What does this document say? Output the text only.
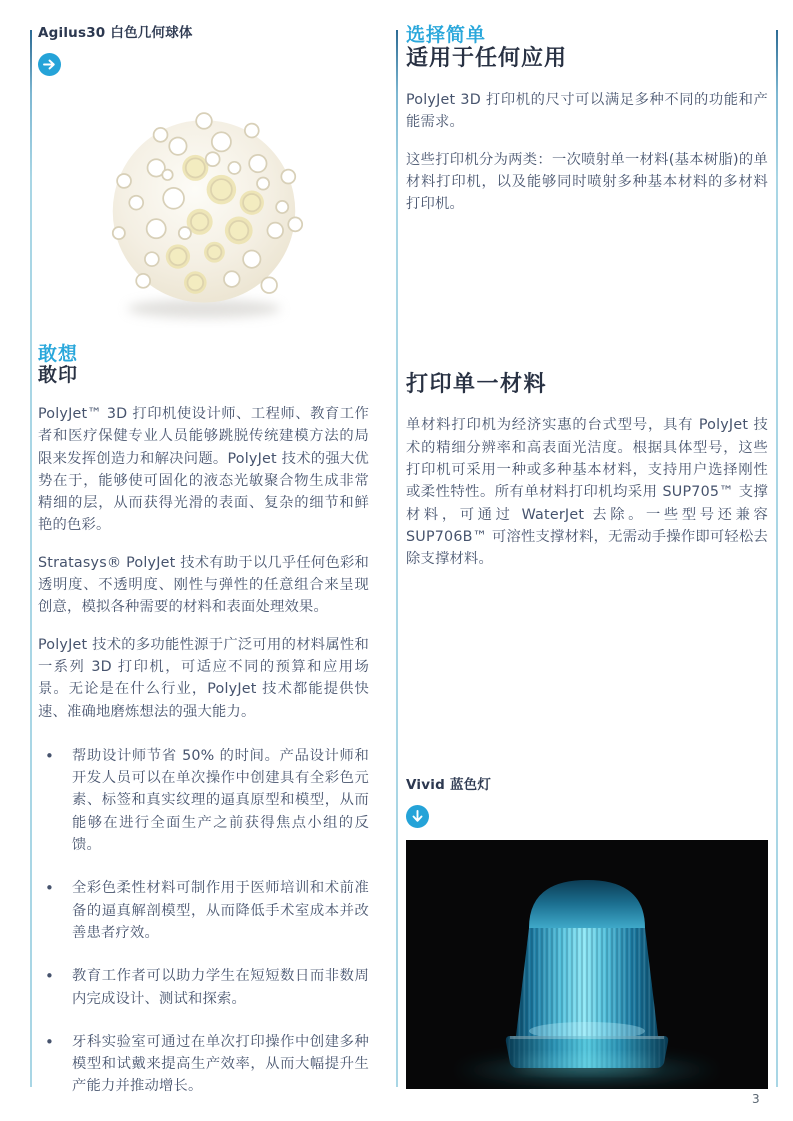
Agilus30 白色几何球体
敢想
敢印

PolyJet™ 3D 打印机使设计师、工程师、教育工作者和医疗保健专业人员能够跳脱传统建模方法的局限来发挥创造力和解决问题。PolyJet 技术的强大优势在于，能够使可固化的液态光敏聚合物生成非常精细的层，从而获得光滑的表面、复杂的细节和鲜艳的色彩。

Stratasys® PolyJet 技术有助于以几乎任何色彩和透明度、不透明度、刚性与弹性的任意组合来呈现创意，模拟各种需要的材料和表面处理效果。

PolyJet 技术的多功能性源于广泛可用的材料属性和一系列 3D 打印机，可适应不同的预算和应用场景。无论是在什么行业，PolyJet 技术都能提供快速、准确地磨炼想法的强大能力。

• 帮助设计师节省 50% 的时间。产品设计师和开发人员可以在单次操作中创建具有全彩色元素、标签和真实纹理的逼真原型和模型，从而能够在进行全面生产之前获得焦点小组的反馈。
• 全彩色柔性材料可制作用于医师培训和术前准备的逼真解剖模型，从而降低手术室成本并改善患者疗效。
• 教育工作者可以助力学生在短短数日而非数周内完成设计、测试和探索。
• 牙科实验室可通过在单次打印操作中创建多种模型和试戴来提高生产效率，从而大幅提升生产能力并推动增长。
选择简单
适用于任何应用

PolyJet 3D 打印机的尺寸可以满足多种不同的功能和产能需求。

这些打印机分为两类：一次喷射单一材料(基本树脂)的单材料打印机，以及能够同时喷射多种基本材料的多材料打印机。

打印单一材料

单材料打印机为经济实惠的台式型号，具有 PolyJet 技术的精细分辨率和高表面光洁度。根据具体型号，这些打印机可采用一种或多种基本材料，支持用户选择刚性或柔性特性。所有单材料打印机均采用 SUP705™ 支撑材料，可通过 WaterJet 去除。一些型号还兼容 SUP706B™ 可溶性支撑材料，无需动手操作即可轻松去除支撑材料。

Vivid 蓝色灯
3
